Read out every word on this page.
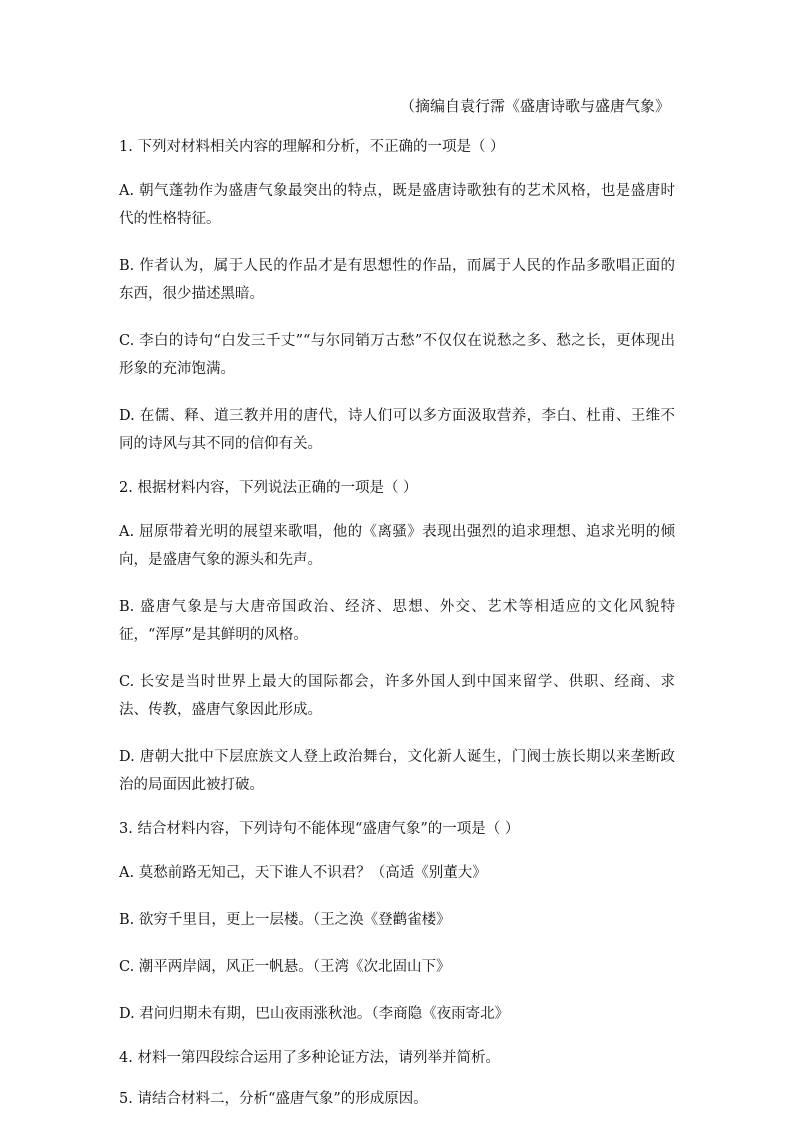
（摘编自袁行霈《盛唐诗歌与盛唐气象》

1. 下列对材料相关内容的理解和分析，不正确的一项是（ ）

A. 朝气蓬勃作为盛唐气象最突出的特点，既是盛唐诗歌独有的艺术风格，也是盛唐时代的性格特征。

B. 作者认为，属于人民的作品才是有思想性的作品，而属于人民的作品多歌唱正面的东西，很少描述黑暗。

C. 李白的诗句“白发三千丈”“与尔同销万古愁”不仅仅在说愁之多、愁之长，更体现出形象的充沛饱满。

D. 在儒、释、道三教并用的唐代，诗人们可以多方面汲取营养，李白、杜甫、王维不同的诗风与其不同的信仰有关。

2. 根据材料内容，下列说法正确的一项是（ ）

A. 屈原带着光明的展望来歌唱，他的《离骚》表现出强烈的追求理想、追求光明的倾向，是盛唐气象的源头和先声。

B. 盛唐气象是与大唐帝国政治、经济、思想、外交、艺术等相适应的文化风貌特征，“浑厚”是其鲜明的风格。

C. 长安是当时世界上最大的国际都会，许多外国人到中国来留学、供职、经商、求法、传教，盛唐气象因此形成。

D. 唐朝大批中下层庶族文人登上政治舞台，文化新人诞生，门阀士族长期以来垄断政治的局面因此被打破。

3. 结合材料内容，下列诗句不能体现“盛唐气象”的一项是（ ）

A. 莫愁前路无知己，天下谁人不识君？（高适《别董大》

B. 欲穷千里目，更上一层楼。（王之涣《登鹳雀楼》

C. 潮平两岸阔，风正一帆悬。（王湾《次北固山下》

D. 君问归期未有期，巴山夜雨涨秋池。（李商隐《夜雨寄北》

4. 材料一第四段综合运用了多种论证方法，请列举并简析。

5. 请结合材料二，分析“盛唐气象”的形成原因。
